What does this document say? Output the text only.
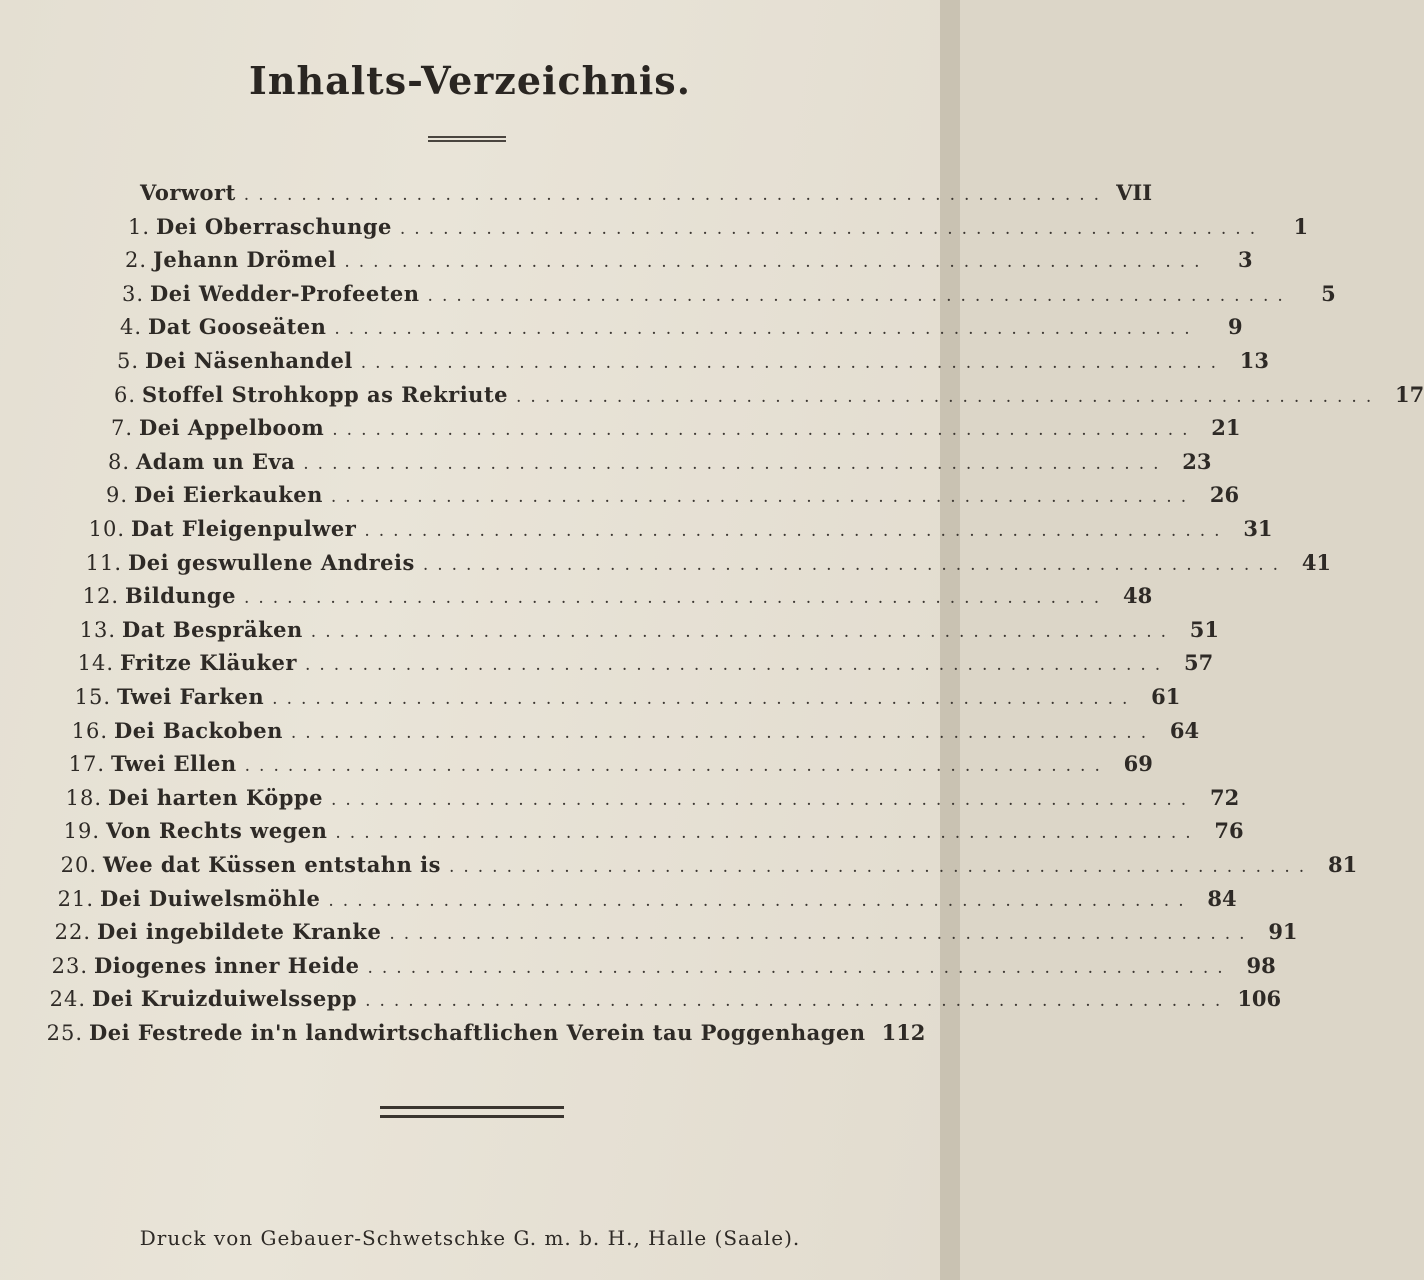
Inhalts-Verzeichnis.
Vorwort ............................................................ VII
1. Dei Oberraschunge ............................................................	1
2. Jehann Drömel ............................................................	3
3. Dei Wedder-Profeeten ............................................................	5
4. Dat Gooseäten ............................................................	9
5. Dei Näsenhandel ............................................................ 13
6. Stoffel Strohkopp as Rekriute ............................................................ 17
7. Dei Appelboom ............................................................ 21
8. Adam un Eva ............................................................ 23
9. Dei Eierkauken ............................................................ 26
10. Dat Fleigenpulwer ............................................................ 31
11. Dei geswullene Andreis ............................................................ 41
12. Bildunge ............................................................ 48
13. Dat Bespräken ............................................................ 51
14. Fritze Kläuker ............................................................ 57
15. Twei Farken ............................................................ 61
16. Dei Backoben ............................................................ 64
17. Twei Ellen ............................................................ 69
18. Dei harten Köppe ............................................................ 72
19. Von Rechts wegen ............................................................ 76
20. Wee dat Küssen entstahn is ............................................................ 81
21. Dei Duiwelsmöhle ............................................................ 84
22. Dei ingebildete Kranke ............................................................ 91
23. Diogenes inner Heide ............................................................ 98
24. Dei Kruizduiwelssepp ............................................................ 106
25. Dei Festrede in'n landwirtschaftlichen Verein tau Poggenhagen 112
Druck von Gebauer-Schwetschke G. m. b. H., Halle (Saale).
